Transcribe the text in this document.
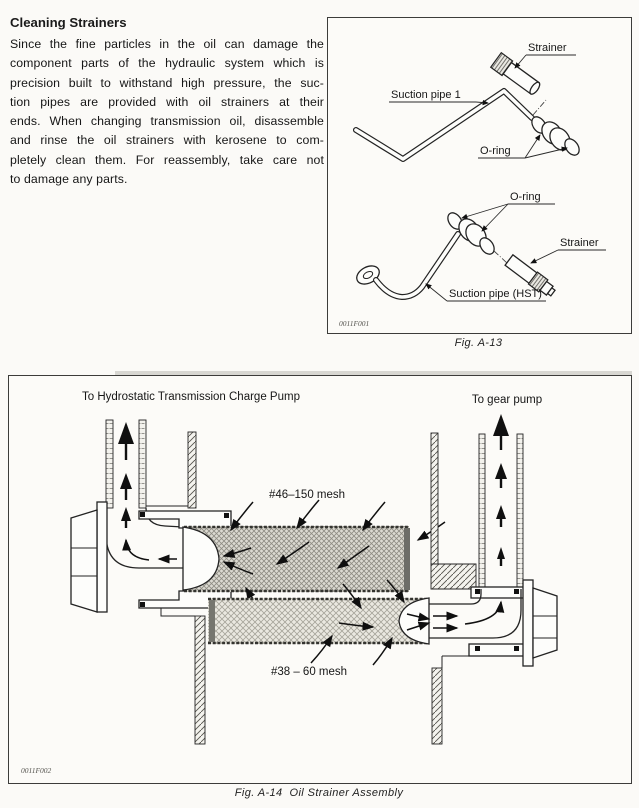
Cleaning Strainers
Since the fine particles in the oil can damage the
component parts of the hydraulic system which is
precision built to withstand high pressure, the suc-
tion pipes are provided with oil strainers at their
ends. When changing transmission oil, disassemble
and rinse the oil strainers with kerosene to com-
pletely clean them. For reassembly, take care not
to damage any parts.
Strainer
Suction pipe 1
O-ring
O-ring
Strainer
Suction pipe (HST)
0011F001
Fig. A-13
To Hydrostatic Transmission Charge Pump	To gear pump
#46–150 mesh
#38 – 60 mesh
0011F002
Fig. A-14  Oil Strainer Assembly
